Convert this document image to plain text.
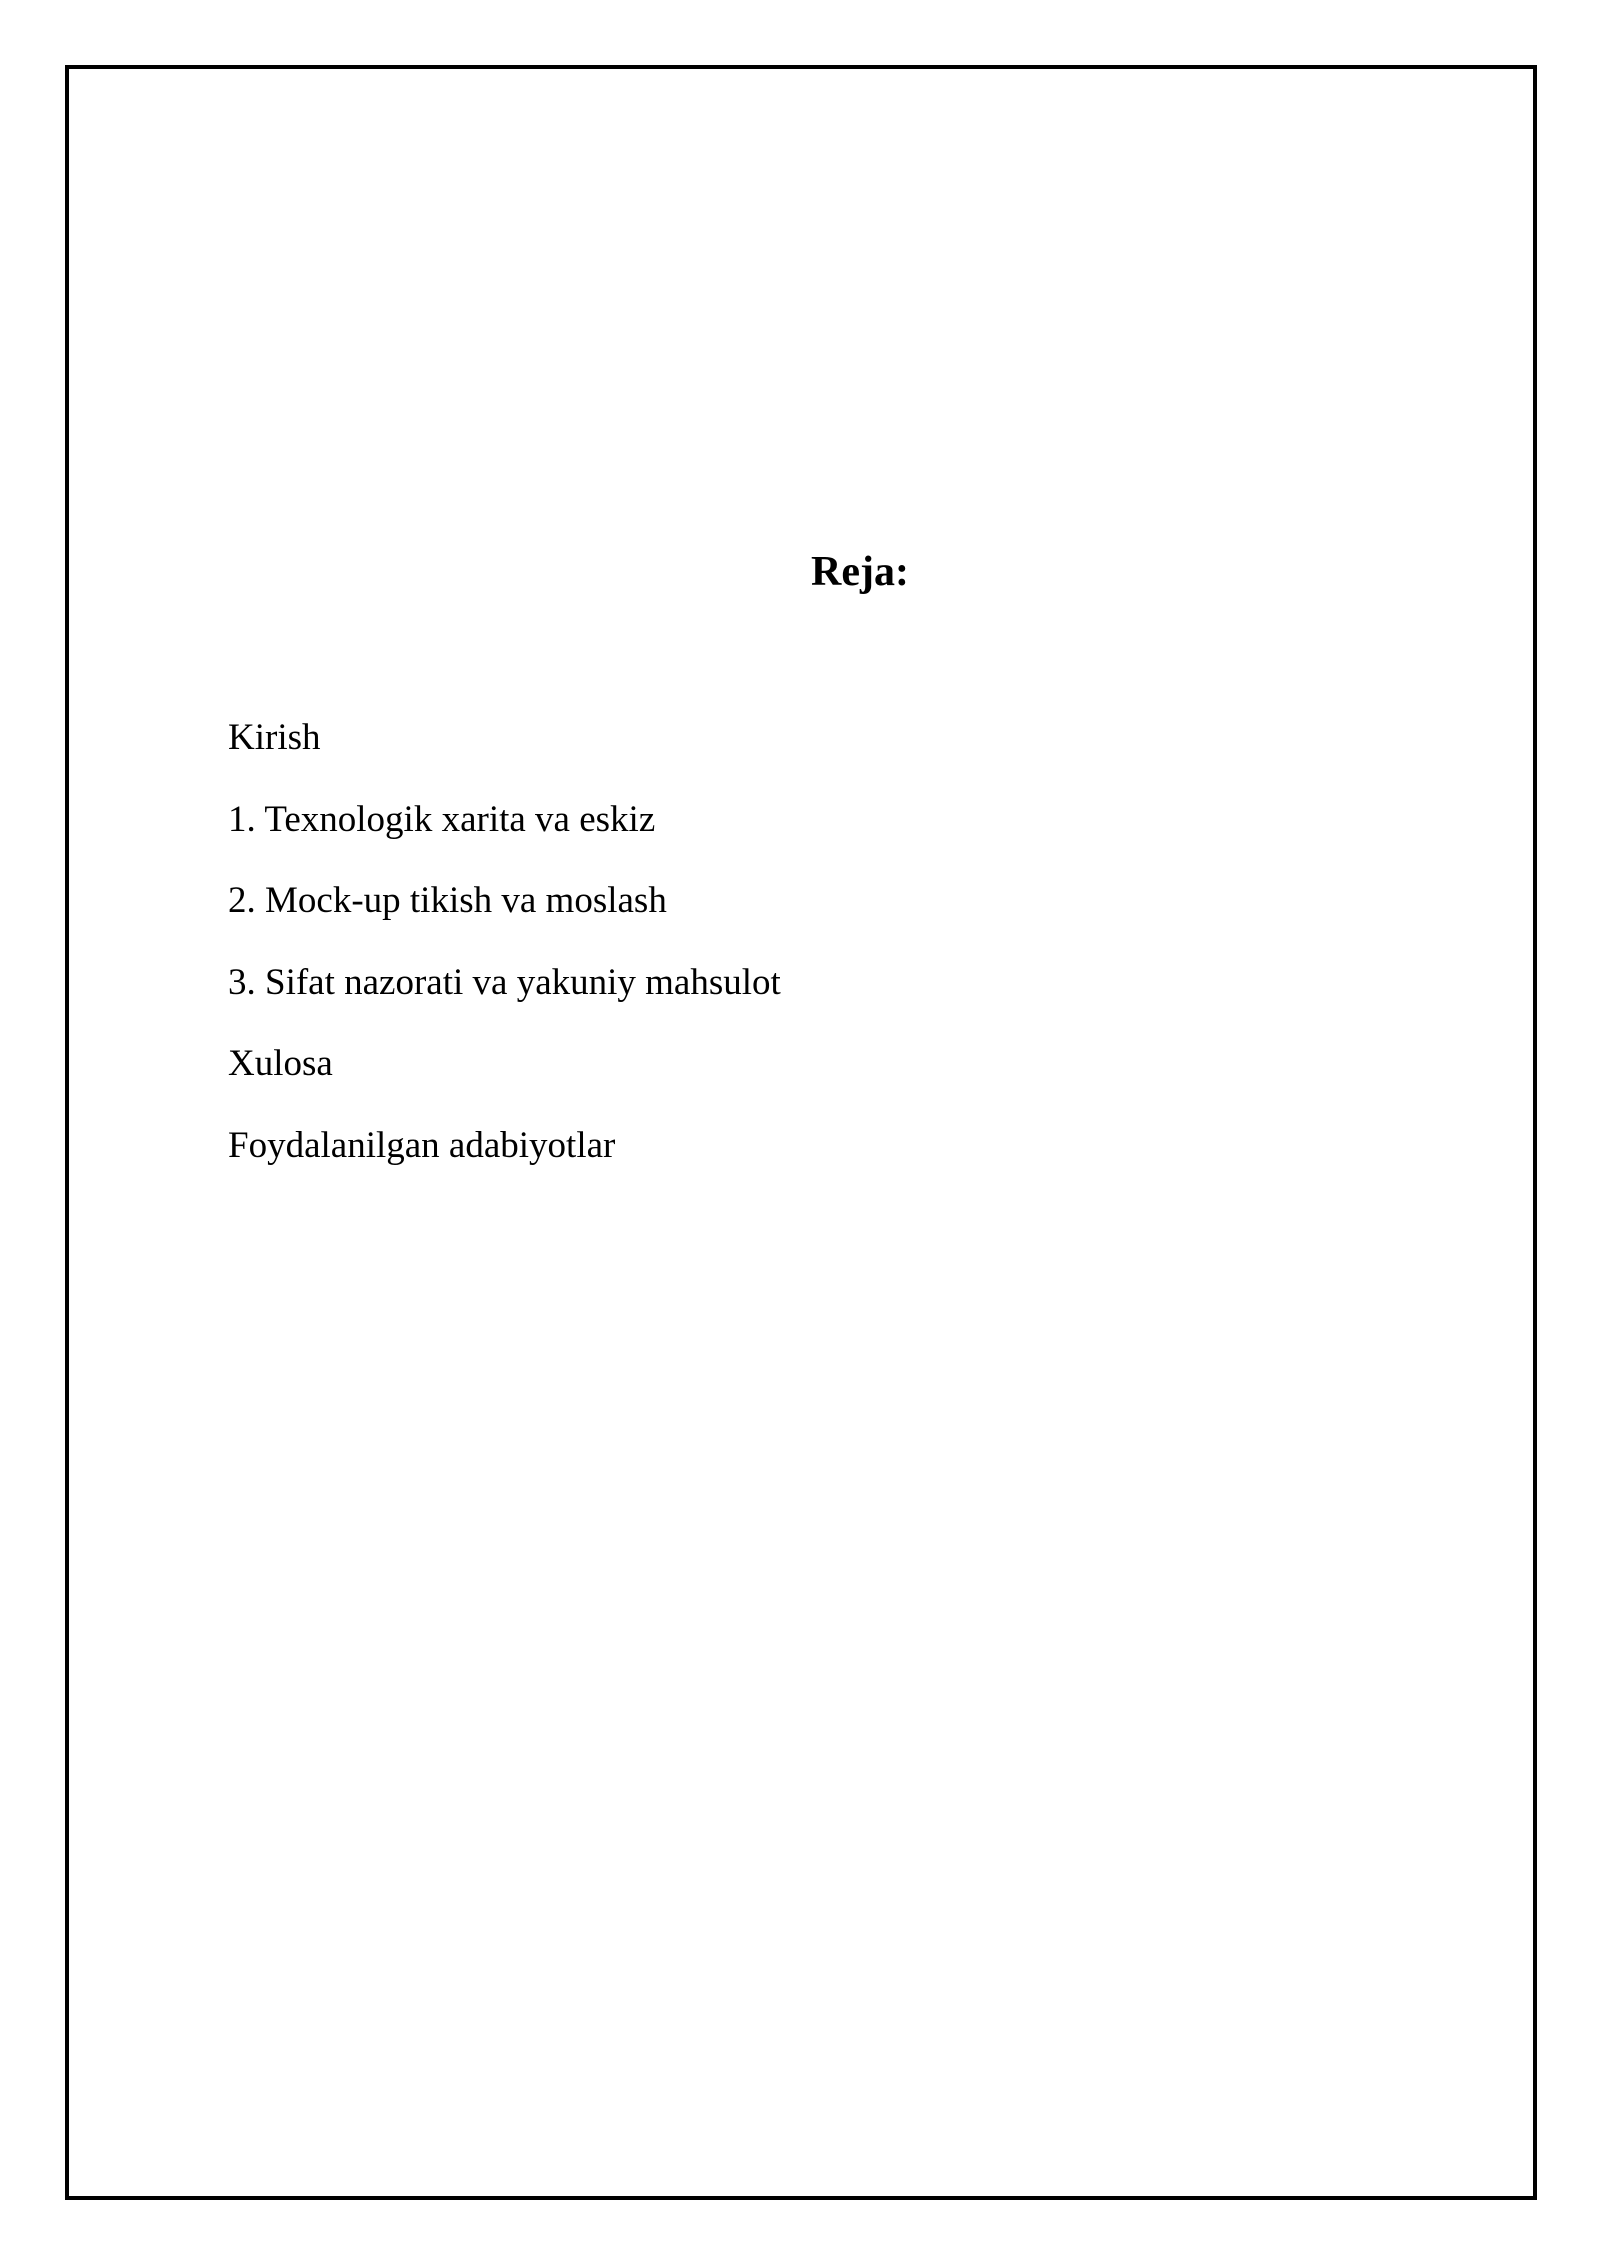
Reja:
Kirish
1. Texnologik xarita va eskiz
2. Mock-up tikish va moslash
3. Sifat nazorati va yakuniy mahsulot
Xulosa
Foydalanilgan adabiyotlar
